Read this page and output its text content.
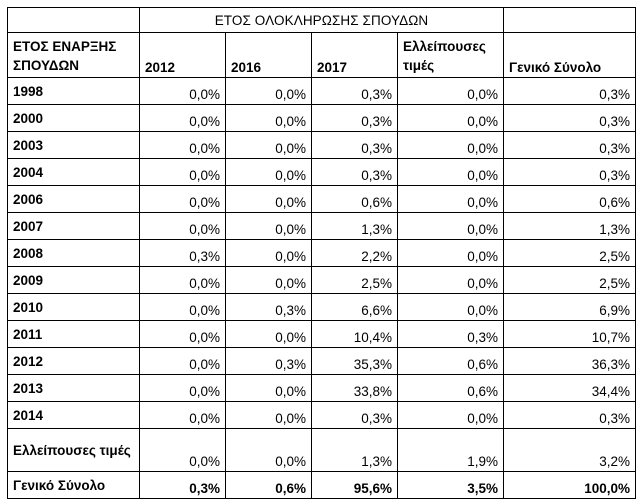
	ΕΤΟΣ ΟΛΟΚΛΗΡΩΣΗΣ ΣΠΟΥΔΩΝ				
ΕΤΟΣ ΕΝΑΡΞΗΣ ΣΠΟΥΔΩΝ	2012	2016	2017	Ελλείπουσες τιμές	Γενικό Σύνολο
1998	0,0%	0,0%	0,3%	0,0%	0,3%
2000	0,0%	0,0%	0,3%	0,0%	0,3%
2003	0,0%	0,0%	0,3%	0,0%	0,3%
2004	0,0%	0,0%	0,3%	0,0%	0,3%
2006	0,0%	0,0%	0,6%	0,0%	0,6%
2007	0,0%	0,0%	1,3%	0,0%	1,3%
2008	0,3%	0,0%	2,2%	0,0%	2,5%
2009	0,0%	0,0%	2,5%	0,0%	2,5%
2010	0,0%	0,3%	6,6%	0,0%	6,9%
2011	0,0%	0,0%	10,4%	0,3%	10,7%
2012	0,0%	0,3%	35,3%	0,6%	36,3%
2013	0,0%	0,0%	33,8%	0,6%	34,4%
2014	0,0%	0,0%	0,3%	0,0%	0,3%
Ελλείπουσες τιμές	0,0%	0,0%	1,3%	1,9%	3,2%
Γενικό Σύνολο	0,3%	0,6%	95,6%	3,5%	100,0%
